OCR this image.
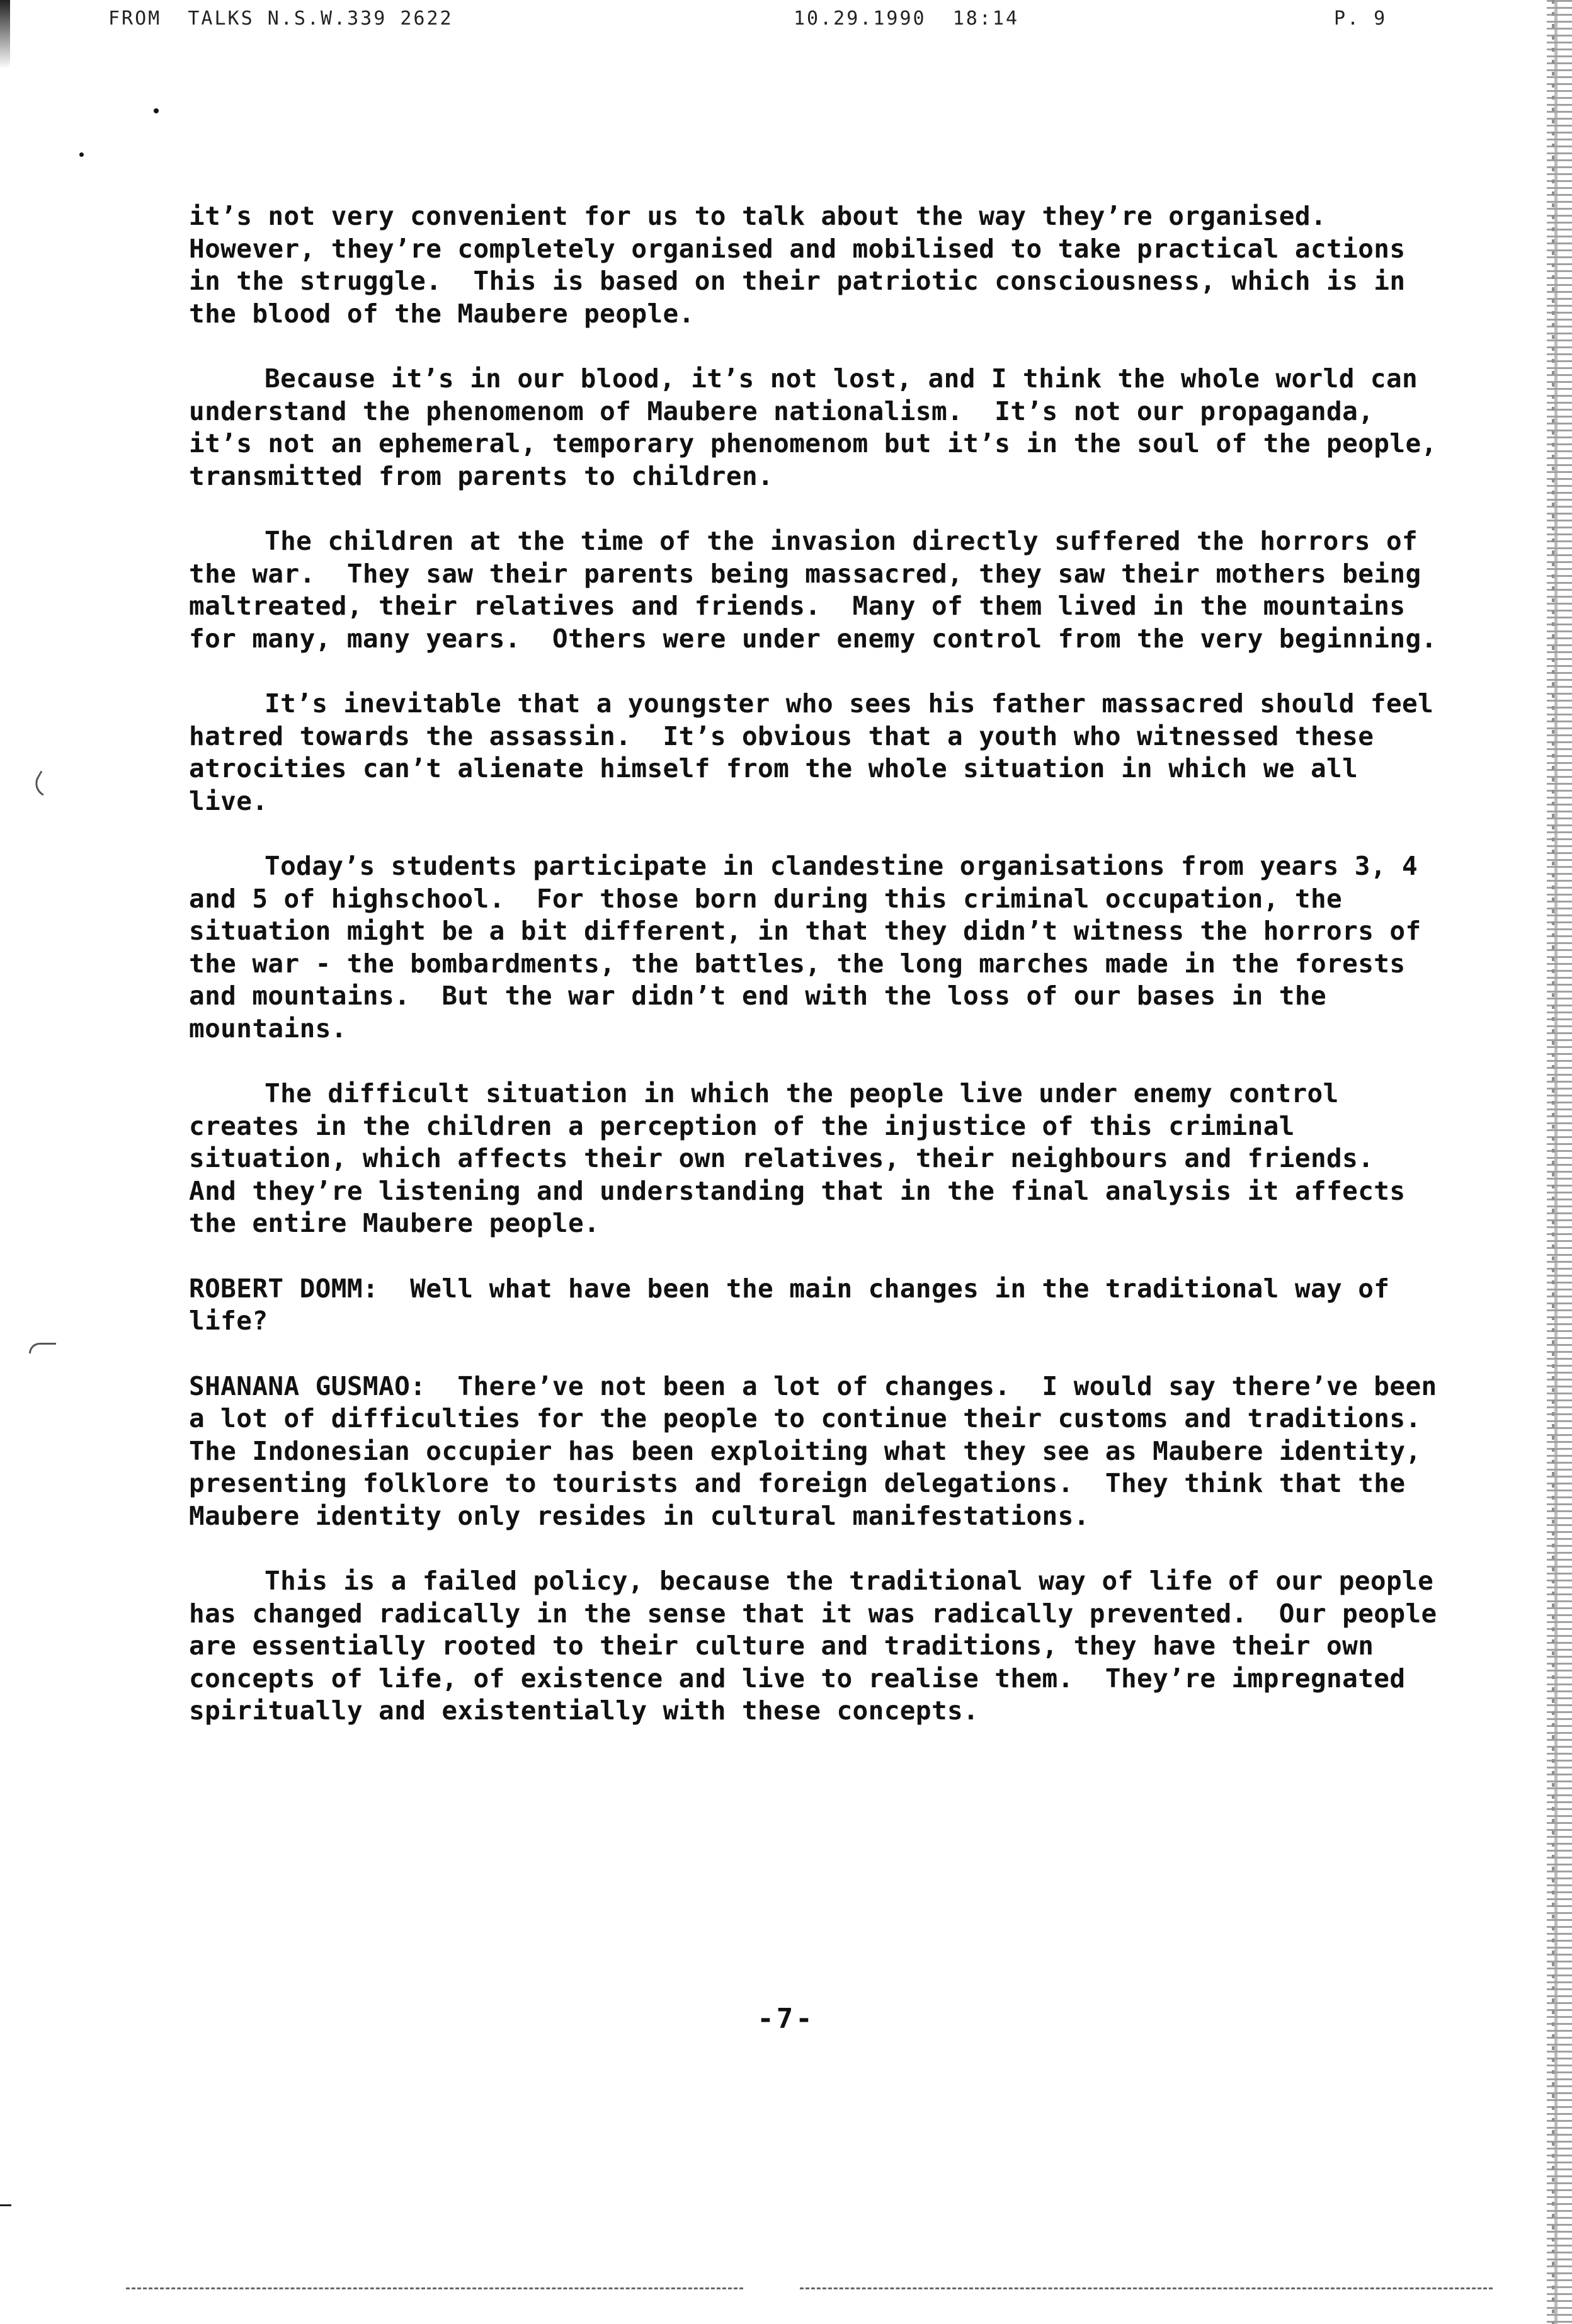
FROM  TALKS N.S.W.339 2622	10.29.1990  18:14	P. 9

it’s not very convenient for us to talk about the way they’re organised.  However, they’re completely organised and mobilised to take practical actions in the struggle.  This is based on their patriotic consciousness, which is in the blood of the Maubere people.

Because it’s in our blood, it’s not lost, and I think the whole world can understand the phenomenom of Maubere nationalism.  It’s not our propaganda, it’s not an ephemeral, temporary phenomenom but it’s in the soul of the people, transmitted from parents to children.

The children at the time of the invasion directly suffered the horrors of the war.  They saw their parents being massacred, they saw their mothers being maltreated, their relatives and friends.  Many of them lived in the mountains for many, many years.  Others were under enemy control from the very beginning.

It’s inevitable that a youngster who sees his father massacred should feel hatred towards the assassin.  It’s obvious that a youth who witnessed these atrocities can’t alienate himself from the whole situation in which we all live.

Today’s students participate in clandestine organisations from years 3, 4 and 5 of highschool.  For those born during this criminal occupation, the situation might be a bit different, in that they didn’t witness the horrors of the war - the bombardments, the battles, the long marches made in the forests and mountains.  But the war didn’t end with the loss of our bases in the mountains.

The difficult situation in which the people live under enemy control creates in the children a perception of the injustice of this criminal situation, which affects their own relatives, their neighbours and friends.  And they’re listening and understanding that in the final analysis it affects the entire Maubere people.

ROBERT DOMM:  Well what have been the main changes in the traditional way of life?

SHANANA GUSMAO:  There’ve not been a lot of changes.  I would say there’ve been a lot of difficulties for the people to continue their customs and traditions.  The Indonesian occupier has been exploiting what they see as Maubere identity, presenting folklore to tourists and foreign delegations.  They think that the Maubere identity only resides in cultural manifestations.

This is a failed policy, because the traditional way of life of our people has changed radically in the sense that it was radically prevented.  Our people are essentially rooted to their culture and traditions, they have their own concepts of life, of existence and live to realise them.  They’re impregnated spiritually and existentially with these concepts.

-7-
